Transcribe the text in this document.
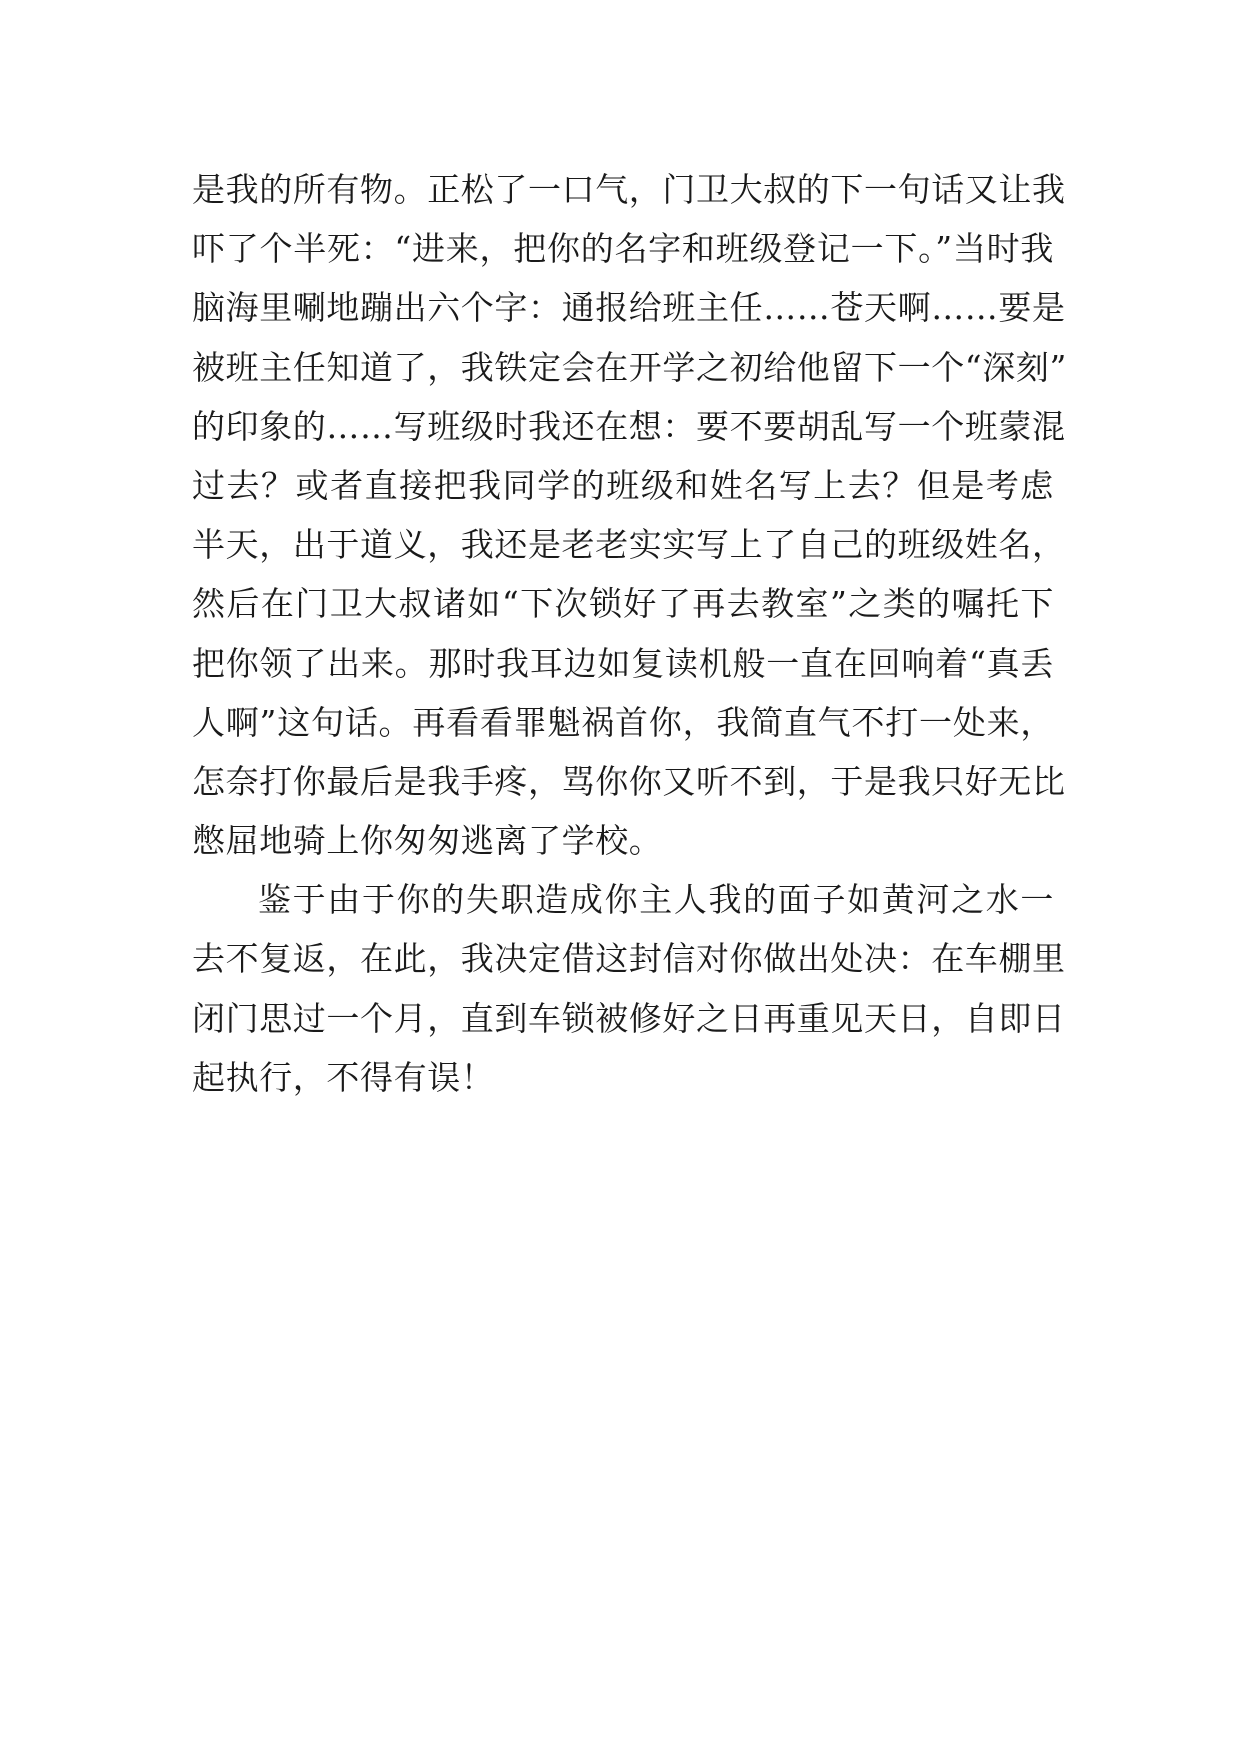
是我的所有物。正松了一口气，门卫大叔的下一句话又让我
吓了个半死：“进来，把你的名字和班级登记一下。”当时我
脑海里唰地蹦出六个字：通报给班主任……苍天啊……要是
被班主任知道了，我铁定会在开学之初给他留下一个“深刻”
的印象的……写班级时我还在想：要不要胡乱写一个班蒙混
过去？或者直接把我同学的班级和姓名写上去？但是考虑
半天，出于道义，我还是老老实实写上了自己的班级姓名，
然后在门卫大叔诸如“下次锁好了再去教室”之类的嘱托下
把你领了出来。那时我耳边如复读机般一直在回响着“真丢
人啊”这句话。再看看罪魁祸首你，我简直气不打一处来，
怎奈打你最后是我手疼，骂你你又听不到，于是我只好无比
憋屈地骑上你匆匆逃离了学校。
鉴于由于你的失职造成你主人我的面子如黄河之水一
去不复返，在此，我决定借这封信对你做出处决：在车棚里
闭门思过一个月，直到车锁被修好之日再重见天日，自即日
起执行，不得有误！
